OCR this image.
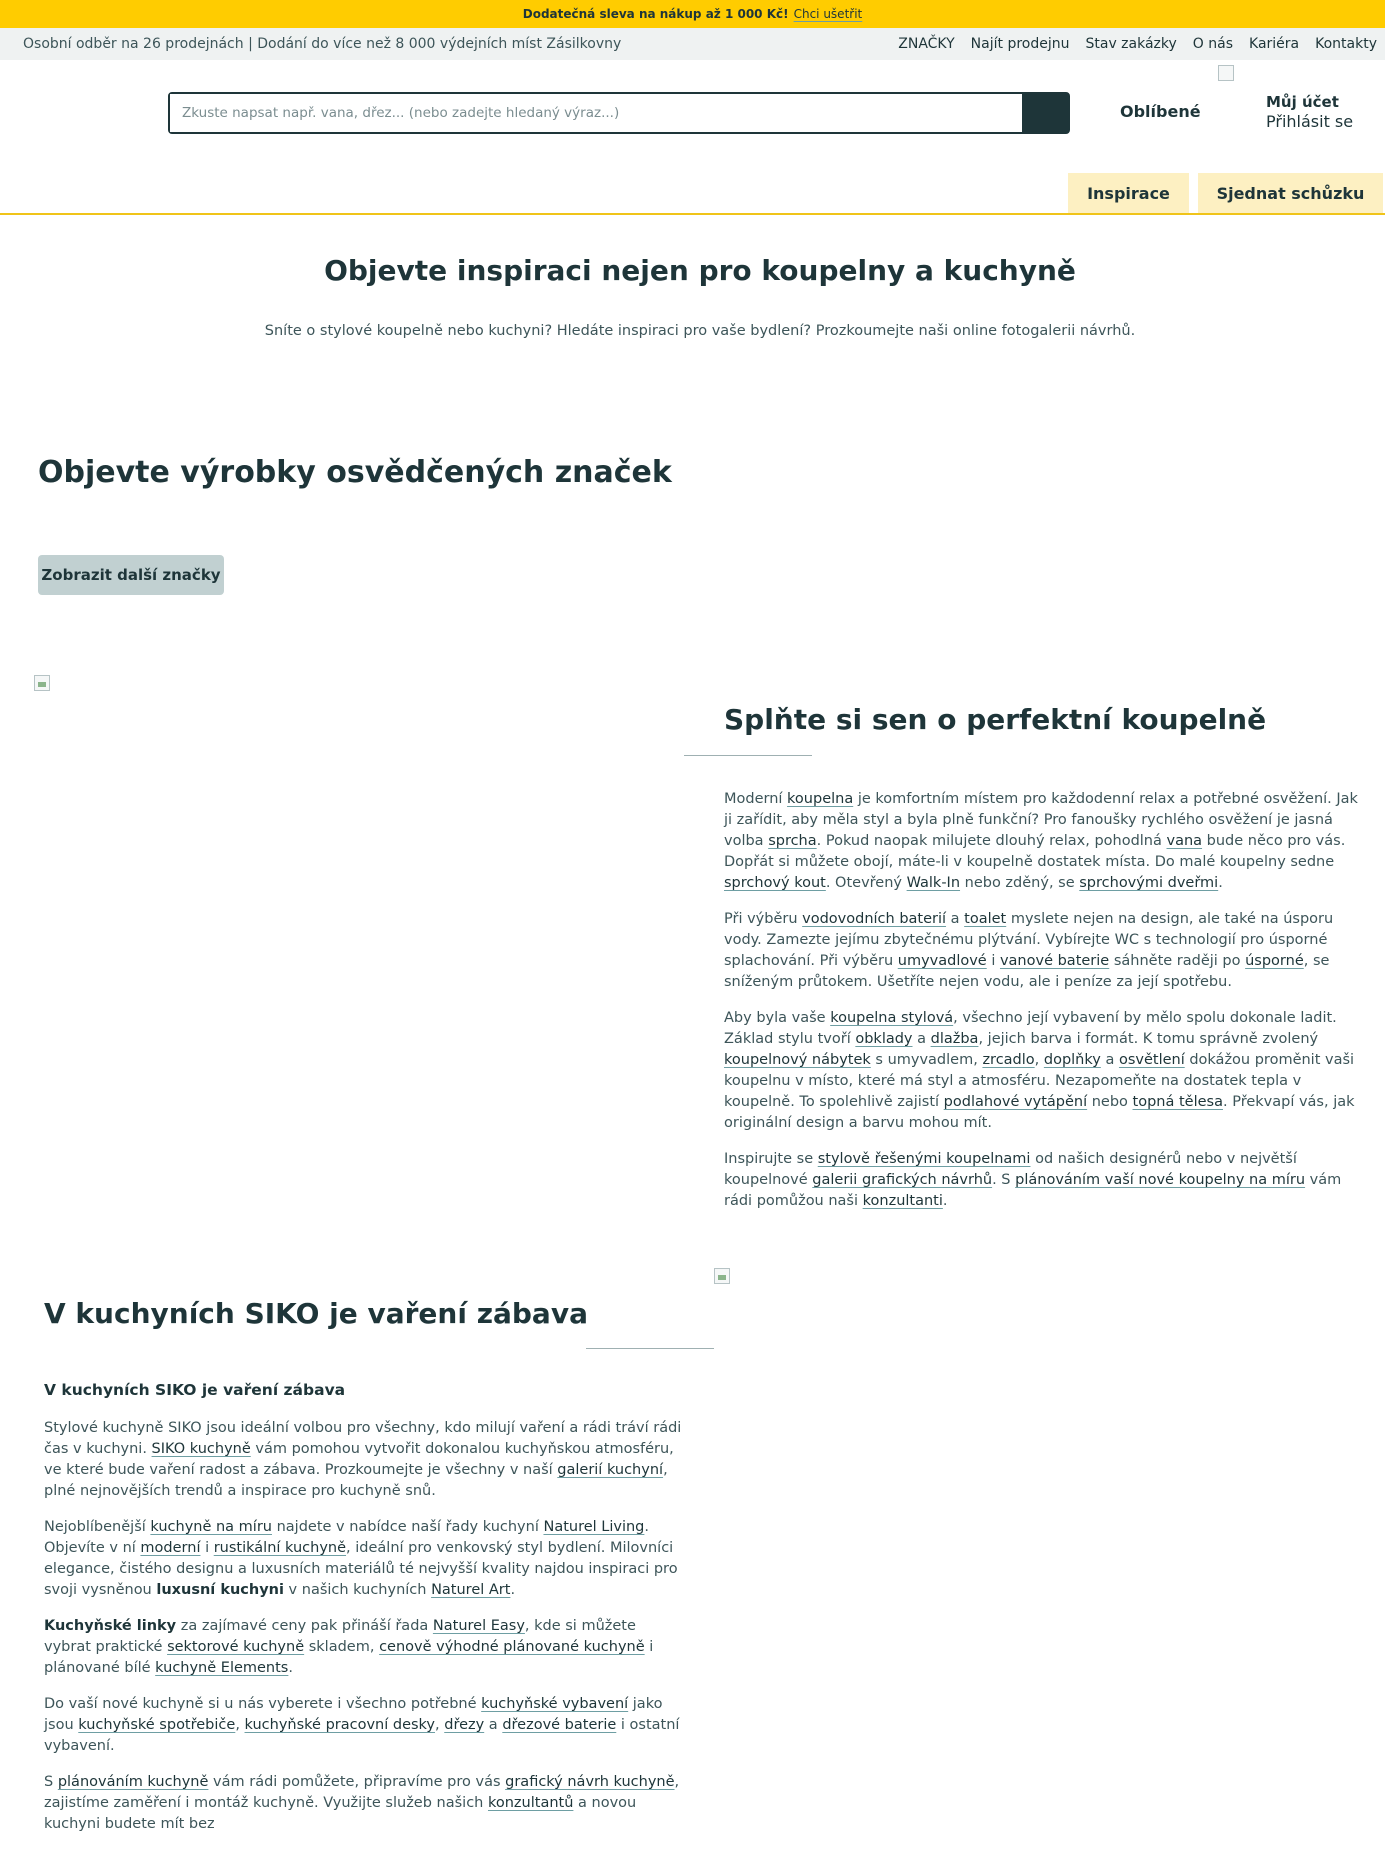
Dodatečná sleva na nákup až 1 000 Kč! Chci ušetřit
Osobní odběr na 26 prodejnách | Dodání do více než 8 000 výdejních míst Zásilkovny	ZNAČKY Najít prodejnu Stav zakázky O nás Kariéra Kontakty
Zkuste napsat např. vana, dřez... (nebo zadejte hledaný výraz...)
Oblíbené	Můj účet
Přihlásit se
Inspirace	Sjednat schůzku
Objevte inspiraci nejen pro koupelny a kuchyně

Sníte o stylové koupelně nebo kuchyni? Hledáte inspiraci pro vaše bydlení? Prozkoumejte naši online fotogalerii návrhů.

Objevte výrobky osvědčených značek
Zobrazit další značky
Splňte si sen o perfektní koupelně

Moderní koupelna je komfortním místem pro každodenní relax a potřebné osvěžení. Jak ji zařídit, aby měla styl a byla plně funkční? Pro fanoušky rychlého osvěžení je jasná volba sprcha. Pokud naopak milujete dlouhý relax, pohodlná vana bude něco pro vás. Dopřát si můžete obojí, máte-li v koupelně dostatek místa. Do malé koupelny sedne sprchový kout. Otevřený Walk-In nebo zděný, se sprchovými dveřmi.

Při výběru vodovodních baterií a toalet myslete nejen na design, ale také na úsporu vody. Zamezte jejímu zbytečnému plýtvání. Vybírejte WC s technologií pro úsporné splachování. Při výběru umyvadlové i vanové baterie sáhněte raději po úsporné, se sníženým průtokem. Ušetříte nejen vodu, ale i peníze za její spotřebu.

Aby byla vaše koupelna stylová, všechno její vybavení by mělo spolu dokonale ladit. Základ stylu tvoří obklady a dlažba, jejich barva i formát. K tomu správně zvolený koupelnový nábytek s umyvadlem, zrcadlo, doplňky a osvětlení dokážou proměnit vaši koupelnu v místo, které má styl a atmosféru. Nezapomeňte na dostatek tepla v koupelně. To spolehlivě zajistí podlahové vytápění nebo topná tělesa. Překvapí vás, jak originální design a barvu mohou mít.

Inspirujte se stylově řešenými koupelnami od našich designérů nebo v největší koupelnové galerii grafických návrhů. S plánováním vaší nové koupelny na míru vám rádi pomůžou naši konzultanti.

V kuchyních SIKO je vaření zábava
V kuchyních SIKO je vaření zábava

Stylové kuchyně SIKO jsou ideální volbou pro všechny, kdo milují vaření a rádi tráví rádi čas v kuchyni. SIKO kuchyně vám pomohou vytvořit dokonalou kuchyňskou atmosféru, ve které bude vaření radost a zábava. Prozkoumejte je všechny v naší galerií kuchyní, plné nejnovějších trendů a inspirace pro kuchyně snů.

Nejoblíbenější kuchyně na míru najdete v nabídce naší řady kuchyní Naturel Living. Objevíte v ní moderní i rustikální kuchyně, ideální pro venkovský styl bydlení. Milovníci elegance, čistého designu a luxusních materiálů té nejvyšší kvality najdou inspiraci pro svoji vysněnou luxusní kuchyni v našich kuchyních Naturel Art.

Kuchyňské linky za zajímavé ceny pak přináší řada Naturel Easy, kde si můžete vybrat praktické sektorové kuchyně skladem, cenově výhodné plánované kuchyně i plánované bílé kuchyně Elements.

Do vaší nové kuchyně si u nás vyberete i všechno potřebné kuchyňské vybavení jako jsou kuchyňské spotřebiče, kuchyňské pracovní desky, dřezy a dřezové baterie i ostatní vybavení.

S plánováním kuchyně vám rádi pomůžete, připravíme pro vás grafický návrh kuchyně, zajistíme zaměření i montáž kuchyně. Využijte služeb našich konzultantů a novou kuchyni budete mít bez
